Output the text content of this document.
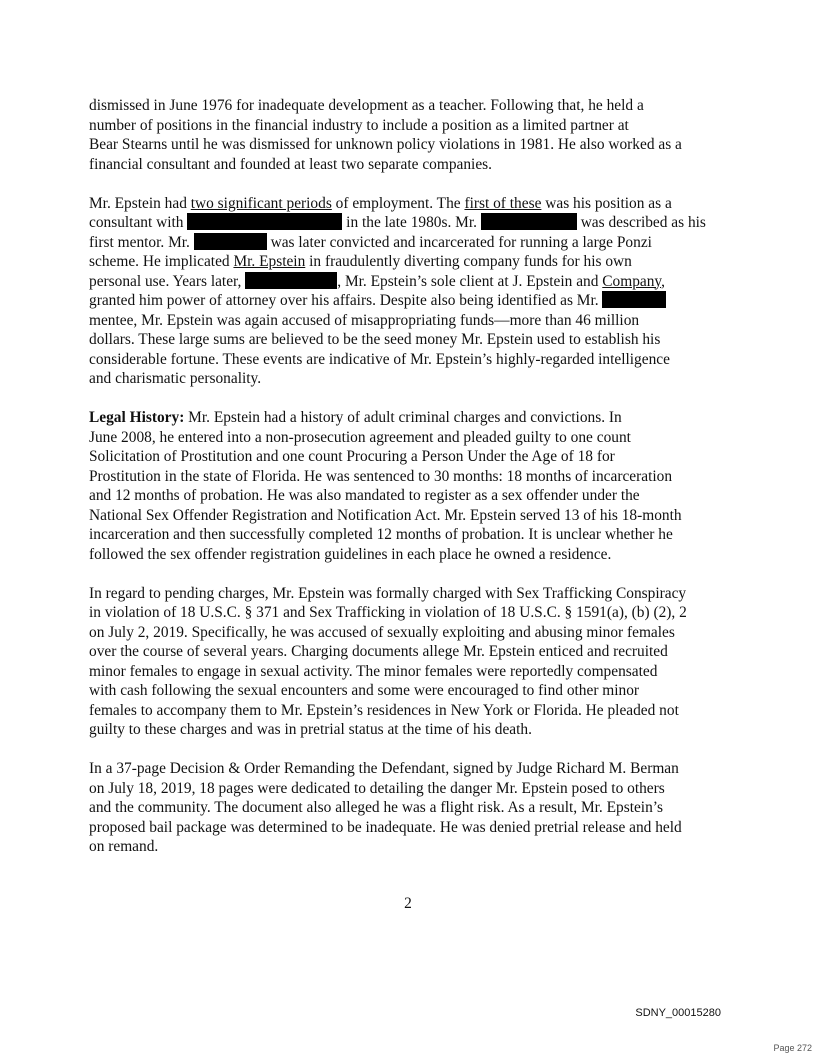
dismissed in June 1976 for inadequate development as a teacher. Following that, he held a
number of positions in the financial industry to include a position as a limited partner at
Bear Stearns until he was dismissed for unknown policy violations in 1981. He also worked as a
financial consultant and founded at least two separate companies.
Mr. Epstein had two significant periods of employment. The first of these was his position as a
consultant with	in the late 1980s. Mr.	was described as his
first mentor. Mr.	was later convicted and incarcerated for running a large Ponzi
scheme. He implicated Mr. Epstein in fraudulently diverting company funds for his own
personal use. Years later,	, Mr. Epstein’s sole client at J. Epstein and Company,
granted him power of attorney over his affairs. Despite also being identified as Mr.
mentee, Mr. Epstein was again accused of misappropriating funds—more than 46 million
dollars. These large sums are believed to be the seed money Mr. Epstein used to establish his
considerable fortune. These events are indicative of Mr. Epstein’s highly-regarded intelligence
and charismatic personality.
Legal History: Mr. Epstein had a history of adult criminal charges and convictions. In
June 2008, he entered into a non-prosecution agreement and pleaded guilty to one count
Solicitation of Prostitution and one count Procuring a Person Under the Age of 18 for
Prostitution in the state of Florida. He was sentenced to 30 months: 18 months of incarceration
and 12 months of probation. He was also mandated to register as a sex offender under the
National Sex Offender Registration and Notification Act. Mr. Epstein served 13 of his 18-month
incarceration and then successfully completed 12 months of probation. It is unclear whether he
followed the sex offender registration guidelines in each place he owned a residence.
In regard to pending charges, Mr. Epstein was formally charged with Sex Trafficking Conspiracy
in violation of 18 U.S.C. § 371 and Sex Trafficking in violation of 18 U.S.C. § 1591(a), (b) (2), 2
on July 2, 2019. Specifically, he was accused of sexually exploiting and abusing minor females
over the course of several years. Charging documents allege Mr. Epstein enticed and recruited
minor females to engage in sexual activity. The minor females were reportedly compensated
with cash following the sexual encounters and some were encouraged to find other minor
females to accompany them to Mr. Epstein’s residences in New York or Florida. He pleaded not
guilty to these charges and was in pretrial status at the time of his death.
In a 37-page Decision & Order Remanding the Defendant, signed by Judge Richard M. Berman
on July 18, 2019, 18 pages were dedicated to detailing the danger Mr. Epstein posed to others
and the community. The document also alleged he was a flight risk. As a result, Mr. Epstein’s
proposed bail package was determined to be inadequate. He was denied pretrial release and held
on remand.
2
SDNY_00015280
Page 272
